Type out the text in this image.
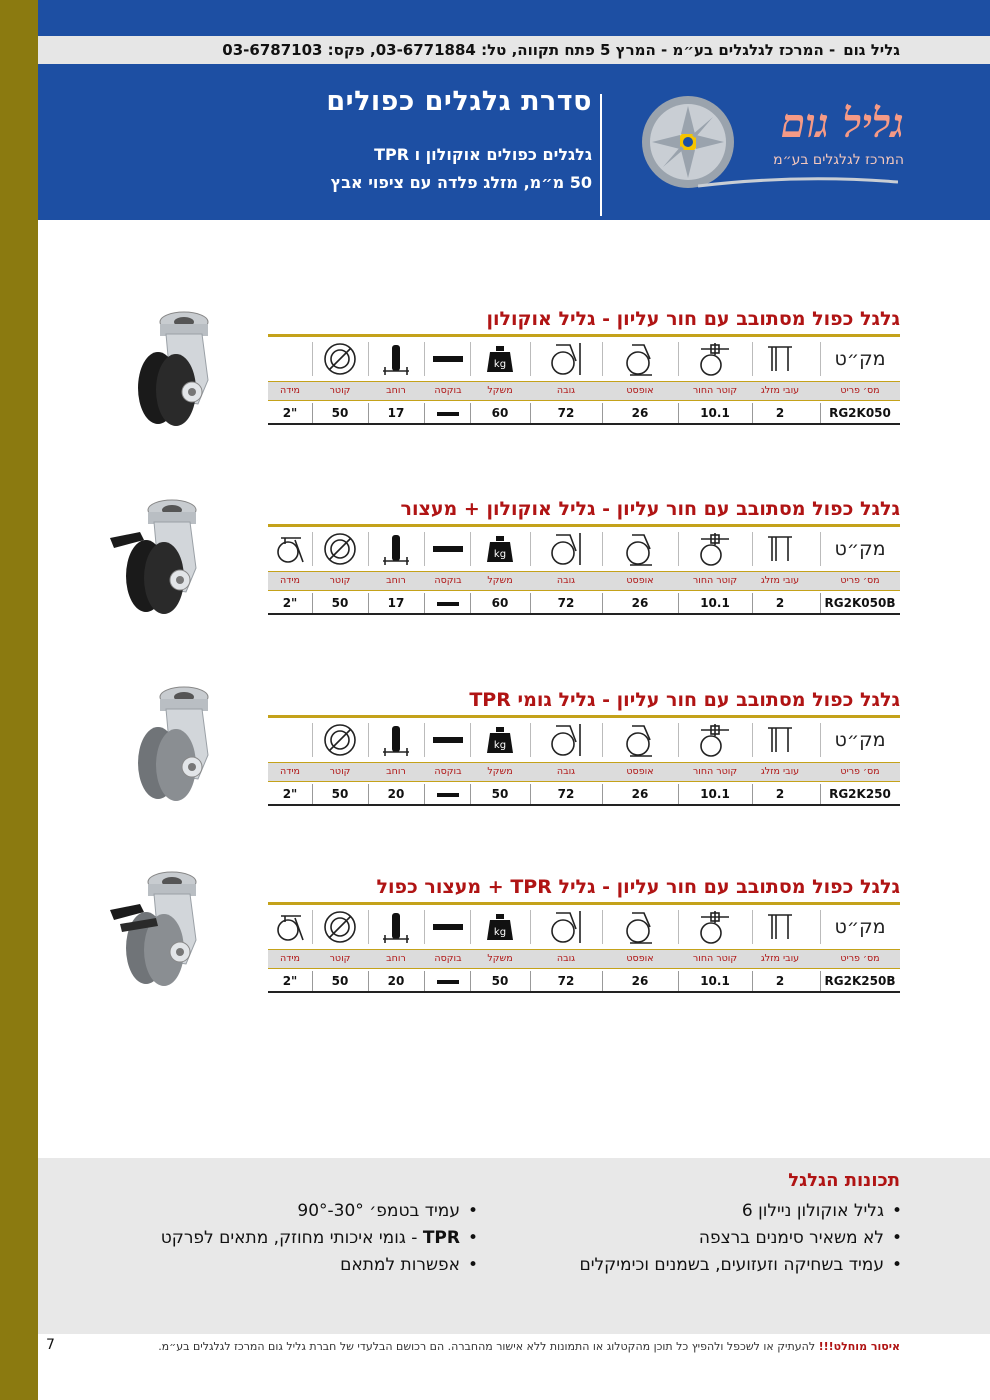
גליל גום
- המרכז לגלגלים בע״מ - המרץ 5 פתח תקווה, טל: 03-6771884, פקס: 03-6787103
סדרת גלגלים כפולים
גלגלים כפולים אוקולון ו TPR
50 מ״מ, מזלג פלדה עם ציפוי אבץ
גליל גום
המרכז לגלגלים בע״מ
גלגל כפול מסתובב עם חור עליון - גליל אוקולון
מק״ט
kg
מס׳ פריט
עובי מזלג
קוטר החור
אופסט
גובה
משקל
בוקסה
רוחב
קוטר
מידה
RG2K050
2
10.1
26
72
60
17
50
2"
גלגל כפול מסתובב עם חור עליון - גליל אוקולון + מעצור
מק״ט
kg
מס׳ פריט
עובי מזלג
קוטר החור
אופסט
גובה
משקל
בוקסה
רוחב
קוטר
מידה
RG2K050B
2
10.1
26
72
60
17
50
2"
גלגל כפול מסתובב עם חור עליון - גליל גומי TPR
מק״ט
kg
מס׳ פריט
עובי מזלג
קוטר החור
אופסט
גובה
משקל
בוקסה
רוחב
קוטר
מידה
RG2K250
2
10.1
26
72
50
20
50
2"
גלגל כפול מסתובב עם חור עליון - גליל TPR + מעצור כפול
מק״ט
kg
מס׳ פריט
עובי מזלג
קוטר החור
אופסט
גובה
משקל
בוקסה
רוחב
קוטר
מידה
RG2K250B
2
10.1
26
72
50
20
50
2"
תכונות הגלגל
• גליל אוקולון ניילון 6
• לא משאיר סימנים ברצפה
• עמיד בשחיקה וזעזועים, בשמנים וכימיקלים
• עמיד בטמפ׳ 30°-90°
• TPR - גומי איכותי מחוזק, מתאים לפרקט
• אפשרות למתאם
איסור מוחלט!!! להעתיק או לשכפל ולהפיץ כל תוכן מהקטלוג או התמונות ללא אישור מהחברה. הם רכושם הבלעדי של חברת גליל גום המרכז לגלגלים בע״מ.
7
